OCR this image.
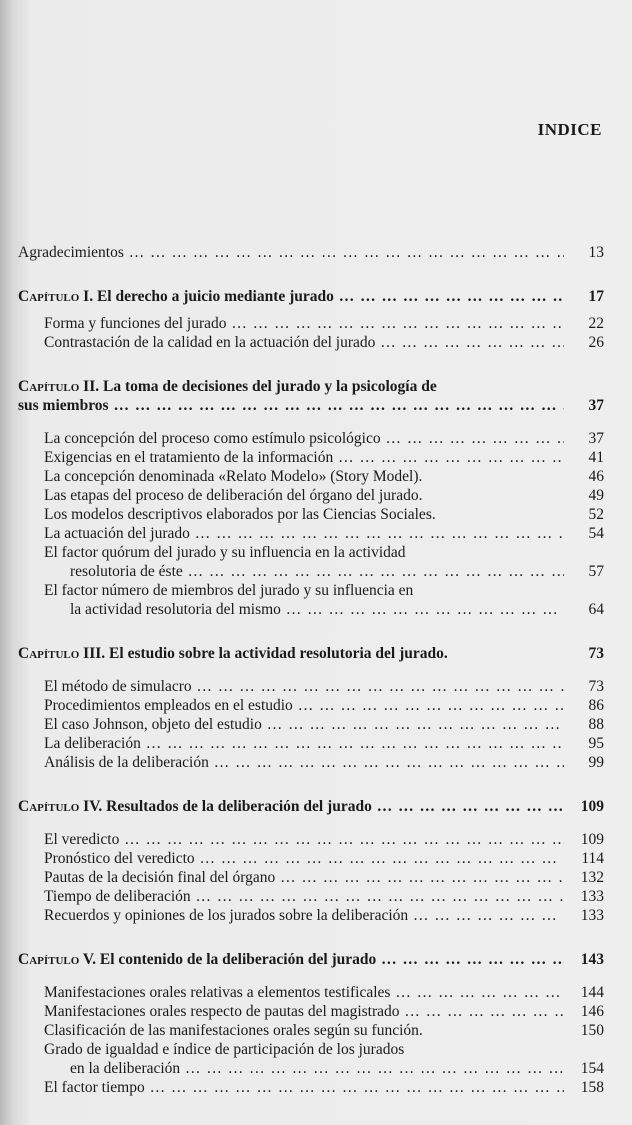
INDICE
Agradecimientos … … … … … … … … … … … … … … … … … … … … … … … … … …	13
Capítulo I. El derecho a juicio mediante jurado … … … … … … … … … … … … … … … … … … … … … … … … … …	17
Forma y funciones del jurado … … … … … … … … … … … … … … … … … … … … … … … … … …	22
Contrastación de la calidad en la actuación del jurado … … … … … … … … … … … … … … … … … … … … … … … … … …	26
Capítulo II. La toma de decisiones del jurado y la psicología de
sus miembros … … … … … … … … … … … … … … … … … … … … … … … … … …	37
La concepción del proceso como estímulo psicológico … … … … … … … … … … … … … … … … … … … … … … … … … …	37
Exigencias en el tratamiento de la información … … … … … … … … … … … … … … … … … … … … … … … … … …	41
La concepción denominada «Relato Modelo» (Story Model).	46
Las etapas del proceso de deliberación del órgano del jurado.	49
Los modelos descriptivos elaborados por las Ciencias Sociales.	52
La actuación del jurado … … … … … … … … … … … … … … … … … … … … … … … … … …	54
El factor quórum del jurado y su influencia en la actividad
resolutoria de éste … … … … … … … … … … … … … … … … … … … … … … … … … …	57
El factor número de miembros del jurado y su influencia en
la actividad resolutoria del mismo … … … … … … … … … … … … … … … … … … … … … … … … … …	64
Capítulo III. El estudio sobre la actividad resolutoria del jurado.	73
El método de simulacro … … … … … … … … … … … … … … … … … … … … … … … … … …	73
Procedimientos empleados en el estudio … … … … … … … … … … … … … … … … … … … … … … … … … …	86
El caso Johnson, objeto del estudio … … … … … … … … … … … … … … … … … … … … … … … … … …	88
La deliberación … … … … … … … … … … … … … … … … … … … … … … … … … …	95
Análisis de la deliberación … … … … … … … … … … … … … … … … … … … … … … … … … …	99
Capítulo IV. Resultados de la deliberación del jurado … … … … … … … … … … … … … … … … … … … … … … … … … …	109
El veredicto … … … … … … … … … … … … … … … … … … … … … … … … … …	109
Pronóstico del veredicto … … … … … … … … … … … … … … … … … … … … … … … … … …	114
Pautas de la decisión final del órgano … … … … … … … … … … … … … … … … … … … … … … … … … …	132
Tiempo de deliberación … … … … … … … … … … … … … … … … … … … … … … … … … …	133
Recuerdos y opiniones de los jurados sobre la deliberación … … … … … … … … … … … … … … … … … … … … … … … … … …	133
Capítulo V. El contenido de la deliberación del jurado … … … … … … … … … … … … … … … … … … … … … … … … … …	143
Manifestaciones orales relativas a elementos testificales … … … … … … … … … … … … … … … … … … … … … … … … … …	144
Manifestaciones orales respecto de pautas del magistrado … … … … … … … … … … … … … … … … … … … … … … … … … …	146
Clasificación de las manifestaciones orales según su función.	150
Grado de igualdad e índice de participación de los jurados
en la deliberación … … … … … … … … … … … … … … … … … … … … … … … … … …	154
El factor tiempo … … … … … … … … … … … … … … … … … … … … … … … … … …	158
